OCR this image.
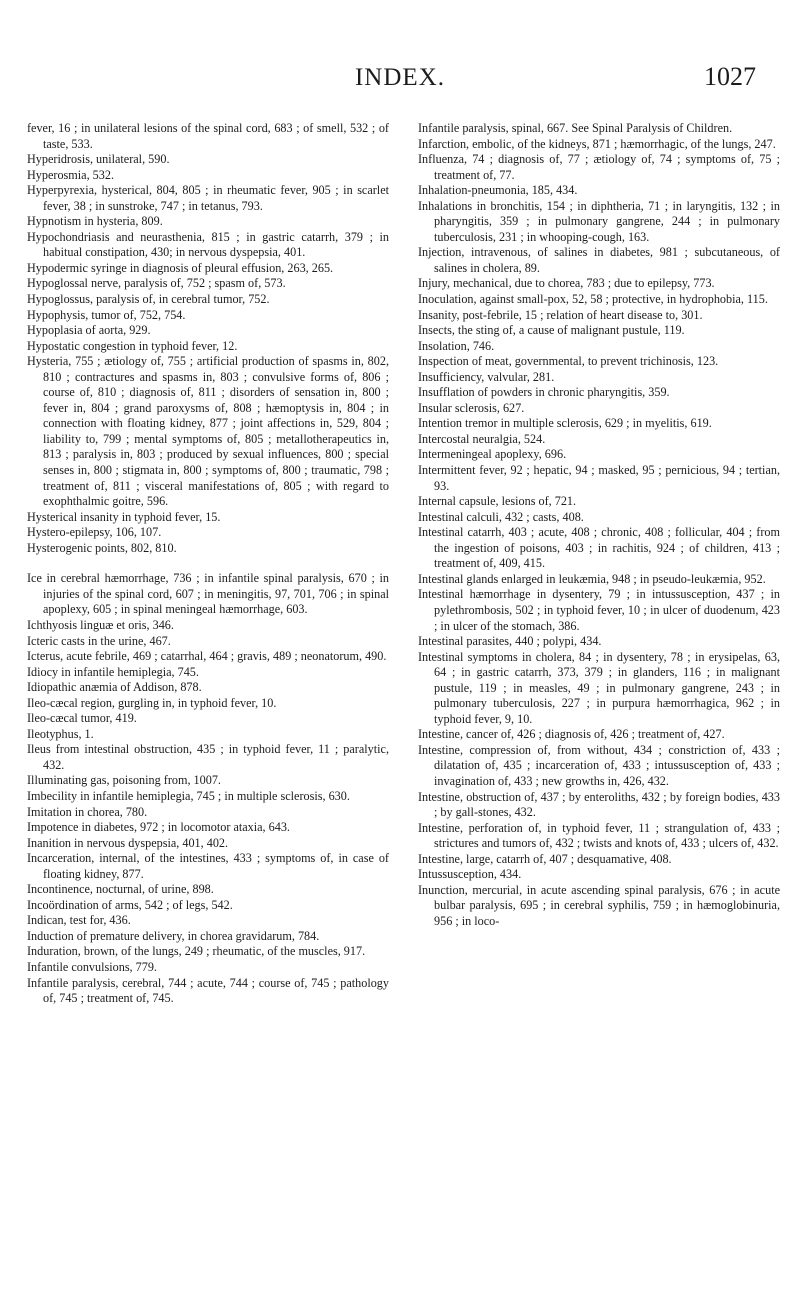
INDEX.	1027

fever, 16 ; in unilateral lesions of the spinal cord, 683 ; of smell, 532 ; of taste, 533.

Hyperidrosis, unilateral, 590.

Hyperosmia, 532.

Hyperpyrexia, hysterical, 804, 805 ; in rheumatic fever, 905 ; in scarlet fever, 38 ; in sunstroke, 747 ; in tetanus, 793.

Hypnotism in hysteria, 809.

Hypochondriasis and neurasthenia, 815 ; in gastric catarrh, 379 ; in habitual constipation, 430; in nervous dyspepsia, 401.

Hypodermic syringe in diagnosis of pleural effusion, 263, 265.

Hypoglossal nerve, paralysis of, 752 ; spasm of, 573.

Hypoglossus, paralysis of, in cerebral tumor, 752.

Hypophysis, tumor of, 752, 754.

Hypoplasia of aorta, 929.

Hypostatic congestion in typhoid fever, 12.

Hysteria, 755 ; ætiology of, 755 ; artificial production of spasms in, 802, 810 ; contractures and spasms in, 803 ; convulsive forms of, 806 ; course of, 810 ; diagnosis of, 811 ; disorders of sensation in, 800 ; fever in, 804 ; grand paroxysms of, 808 ; hæmoptysis in, 804 ; in connection with floating kidney, 877 ; joint affections in, 529, 804 ; liability to, 799 ; mental symptoms of, 805 ; metallotherapeutics in, 813 ; paralysis in, 803 ; produced by sexual influences, 800 ; special senses in, 800 ; stigmata in, 800 ; symptoms of, 800 ; traumatic, 798 ; treatment of, 811 ; visceral manifestations of, 805 ; with regard to exophthalmic goitre, 596.

Hysterical insanity in typhoid fever, 15.

Hystero-epilepsy, 106, 107.

Hysterogenic points, 802, 810.

Ice in cerebral hæmorrhage, 736 ; in infantile spinal paralysis, 670 ; in injuries of the spinal cord, 607 ; in meningitis, 97, 701, 706 ; in spinal apoplexy, 605 ; in spinal meningeal hæmorrhage, 603.

Ichthyosis linguæ et oris, 346.

Icteric casts in the urine, 467.

Icterus, acute febrile, 469 ; catarrhal, 464 ; gravis, 489 ; neonatorum, 490.

Idiocy in infantile hemiplegia, 745.

Idiopathic anæmia of Addison, 878.

Ileo-cæcal region, gurgling in, in typhoid fever, 10.

Ileo-cæcal tumor, 419.

Ileotyphus, 1.

Ileus from intestinal obstruction, 435 ; in typhoid fever, 11 ; paralytic, 432.

Illuminating gas, poisoning from, 1007.

Imbecility in infantile hemiplegia, 745 ; in multiple sclerosis, 630.

Imitation in chorea, 780.

Impotence in diabetes, 972 ; in locomotor ataxia, 643.

Inanition in nervous dyspepsia, 401, 402.

Incarceration, internal, of the intestines, 433 ; symptoms of, in case of floating kidney, 877.

Incontinence, nocturnal, of urine, 898.

Incoördination of arms, 542 ; of legs, 542.

Indican, test for, 436.

Induction of premature delivery, in chorea gravidarum, 784.

Induration, brown, of the lungs, 249 ; rheumatic, of the muscles, 917.

Infantile convulsions, 779.

Infantile paralysis, cerebral, 744 ; acute, 744 ; course of, 745 ; pathology of, 745 ; treatment of, 745.

Infantile paralysis, spinal, 667. See Spinal Paralysis of Children.

Infarction, embolic, of the kidneys, 871 ; hæmorrhagic, of the lungs, 247.

Influenza, 74 ; diagnosis of, 77 ; ætiology of, 74 ; symptoms of, 75 ; treatment of, 77.

Inhalation-pneumonia, 185, 434.

Inhalations in bronchitis, 154 ; in diphtheria, 71 ; in laryngitis, 132 ; in pharyngitis, 359 ; in pulmonary gangrene, 244 ; in pulmonary tuberculosis, 231 ; in whooping-cough, 163.

Injection, intravenous, of salines in diabetes, 981 ; subcutaneous, of salines in cholera, 89.

Injury, mechanical, due to chorea, 783 ; due to epilepsy, 773.

Inoculation, against small-pox, 52, 58 ; protective, in hydrophobia, 115.

Insanity, post-febrile, 15 ; relation of heart disease to, 301.

Insects, the sting of, a cause of malignant pustule, 119.

Insolation, 746.

Inspection of meat, governmental, to prevent trichinosis, 123.

Insufficiency, valvular, 281.

Insufflation of powders in chronic pharyngitis, 359.

Insular sclerosis, 627.

Intention tremor in multiple sclerosis, 629 ; in myelitis, 619.

Intercostal neuralgia, 524.

Intermeningeal apoplexy, 696.

Intermittent fever, 92 ; hepatic, 94 ; masked, 95 ; pernicious, 94 ; tertian, 93.

Internal capsule, lesions of, 721.

Intestinal calculi, 432 ; casts, 408.

Intestinal catarrh, 403 ; acute, 408 ; chronic, 408 ; follicular, 404 ; from the ingestion of poisons, 403 ; in rachitis, 924 ; of children, 413 ; treatment of, 409, 415.

Intestinal glands enlarged in leukæmia, 948 ; in pseudo-leukæmia, 952.

Intestinal hæmorrhage in dysentery, 79 ; in intussusception, 437 ; in pylethrombosis, 502 ; in typhoid fever, 10 ; in ulcer of duodenum, 423 ; in ulcer of the stomach, 386.

Intestinal parasites, 440 ; polypi, 434.

Intestinal symptoms in cholera, 84 ; in dysentery, 78 ; in erysipelas, 63, 64 ; in gastric catarrh, 373, 379 ; in glanders, 116 ; in malignant pustule, 119 ; in measles, 49 ; in pulmonary gangrene, 243 ; in pulmonary tuberculosis, 227 ; in purpura hæmorrhagica, 962 ; in typhoid fever, 9, 10.

Intestine, cancer of, 426 ; diagnosis of, 426 ; treatment of, 427.

Intestine, compression of, from without, 434 ; constriction of, 433 ; dilatation of, 435 ; incarceration of, 433 ; intussusception of, 433 ; invagination of, 433 ; new growths in, 426, 432.

Intestine, obstruction of, 437 ; by enteroliths, 432 ; by foreign bodies, 433 ; by gall-stones, 432.

Intestine, perforation of, in typhoid fever, 11 ; strangulation of, 433 ; strictures and tumors of, 432 ; twists and knots of, 433 ; ulcers of, 432.

Intestine, large, catarrh of, 407 ; desquamative, 408.

Intussusception, 434.

Inunction, mercurial, in acute ascending spinal paralysis, 676 ; in acute bulbar paralysis, 695 ; in cerebral syphilis, 759 ; in hæmoglobinuria, 956 ; in loco-
